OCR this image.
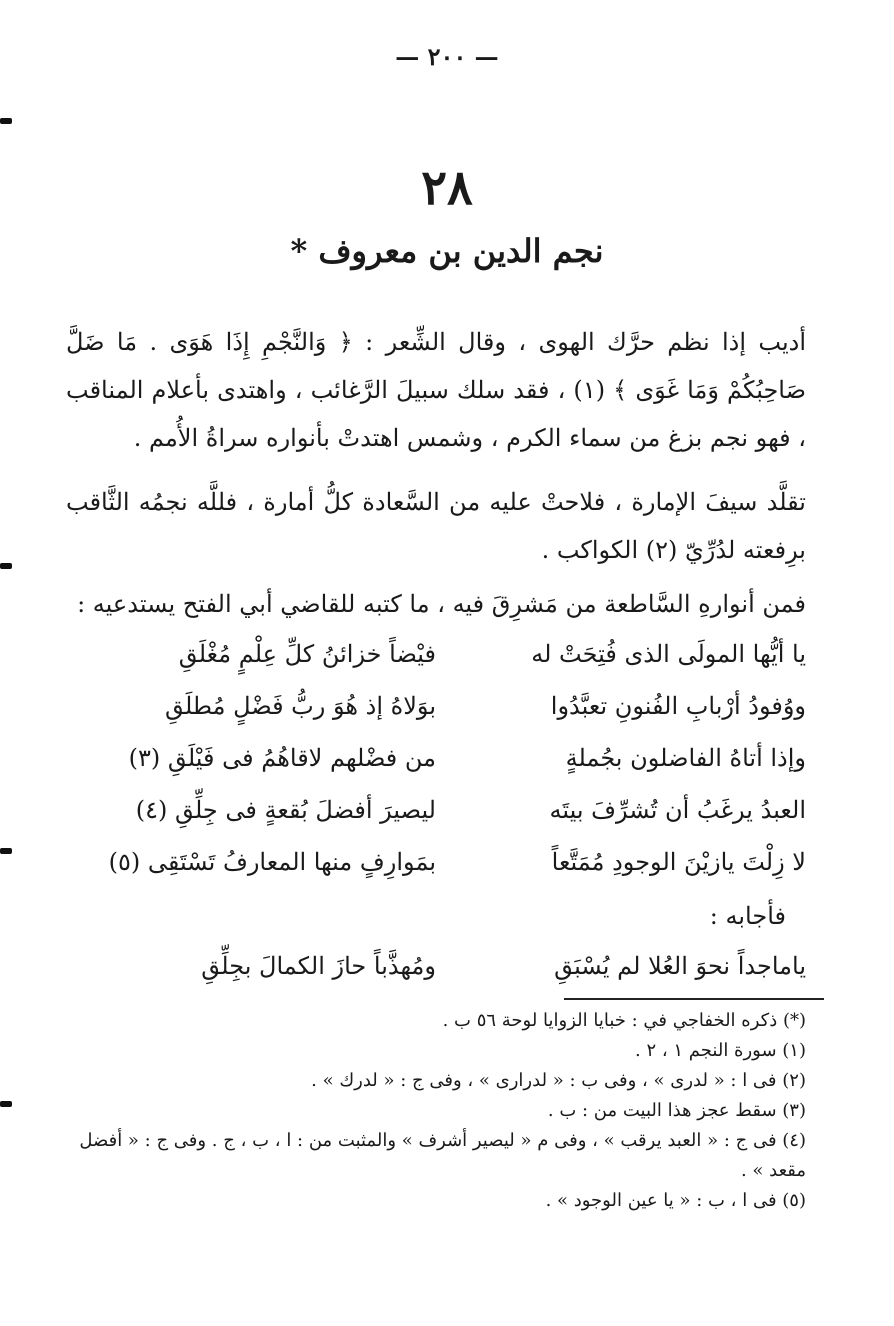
— ٢٠٠ —
٢٨
نجم الدين بن معروف *

أديب إذا نظم حرَّك الهوى ، وقال الشِّعر : ﴿ وَالنَّجْمِ إِذَا هَوَى . مَا ضَلَّ صَاحِبُكُمْ وَمَا غَوَى ﴾ (١) ، فقد سلك سبيلَ الرَّغائب ، واهتدى بأعلام المناقب ، فهو نجم بزغ من سماء الكرم ، وشمس اهتدتْ بأنواره سراةُ الأُمم .

تقلَّد سيفَ الإمارة ، فلاحتْ عليه من السَّعادة كلُّ أمارة ، فللَّه نجمُه الثَّاقب برِفعته لدُرِّيّ (٢) الكواكب .

فمن أنوارهِ السَّاطعة من مَشرِقَ فيه ، ما كتبه للقاضي أبي الفتح يستدعيه :

يا أيُّها المولَى الذى فُتِحَتْ له
فيْضاً خزائنُ كلِّ عِلْمٍ مُغْلَقِ
ووُفودُ أرْبابِ الفُنونِ تعبَّدُوا
بوَلاهُ إذ هُوَ ربُّ فَضْلٍ مُطلَقِ
وإذا أتاهُ الفاضلون بجُملةٍ
من فضْلهم لاقاهُمُ فى فَيْلَقِ (٣)
العبدُ يرغَبُ أن تُشرِّفَ بيتَه
ليصيرَ أفضلَ بُقعةٍ فى جِلِّقِ (٤)
لا زِلْتَ يازيْنَ الوجودِ مُمَتَّعاً
بمَوارِفٍ منها المعارفُ تَسْتَقِى (٥)
فأجابه :
ياماجداً نحوَ العُلا لم يُسْبَقِ
ومُهذَّباً حازَ الكمالَ بجِلِّقِ
(*) ذكره الخفاجي في : خبايا الزوايا لوحة ٥٦ ب .
(١) سورة النجم ١ ، ٢ .
(٢) فى ا : « لدرى » ، وفى ب : « لدرارى » ، وفى ج : « لدرك » .
(٣) سقط عجز هذا البيت من : ب .
(٤) فى ج : « العبد يرقب » ، وفى م « ليصير أشرف » والمثبت من : ا ، ب ، ج . وفى ج : « أفضل مقعد » .
(٥) فى ا ، ب : « يا عين الوجود » .
